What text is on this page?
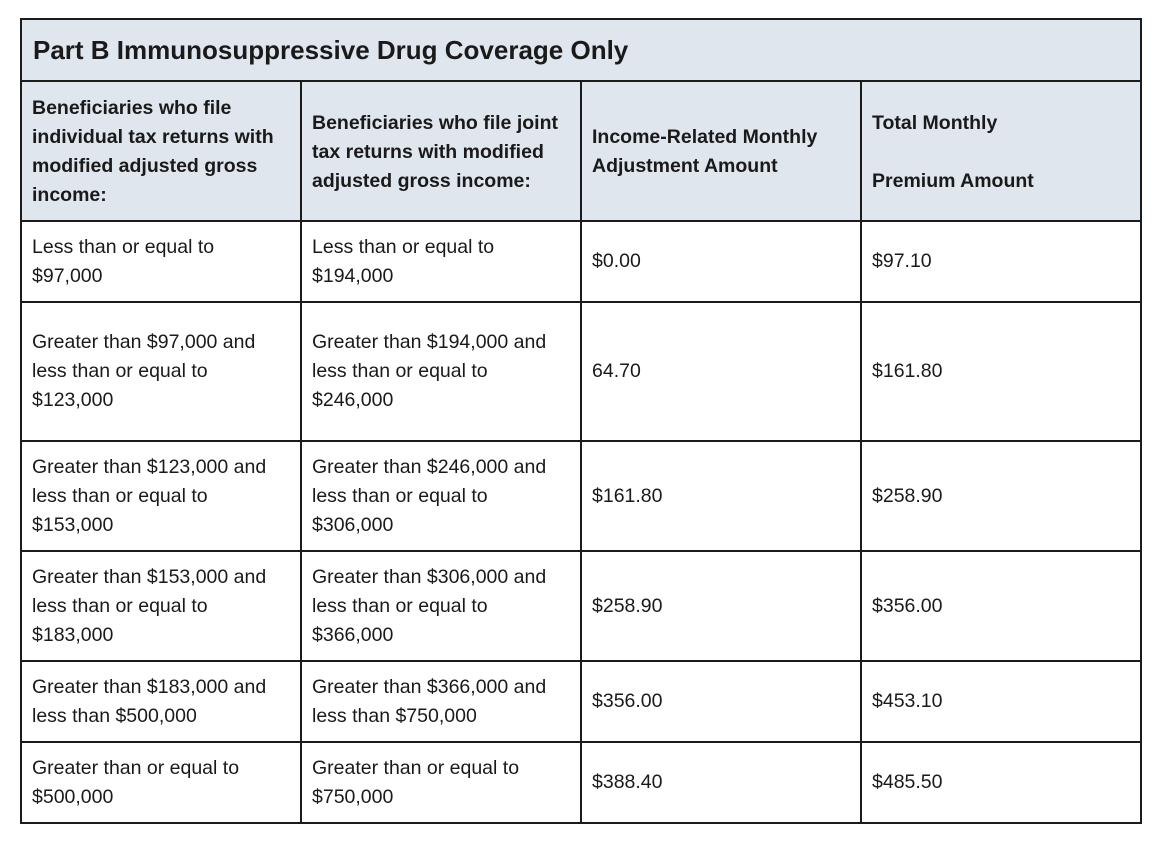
Part B Immunosuppressive Drug Coverage Only			
Beneficiaries who file individual tax returns with modified adjusted gross income:	Beneficiaries who file joint tax returns with modified adjusted gross income:	Income-Related Monthly Adjustment Amount	Total Monthly
Premium Amount
Less than or equal to $97,000	Less than or equal to $194,000	$0.00	$97.10
Greater than $97,000 and less than or equal to $123,000	Greater than $194,000 and less than or equal to $246,000	64.70	$161.80
Greater than $123,000 and less than or equal to $153,000	Greater than $246,000 and less than or equal to $306,000	$161.80	$258.90
Greater than $153,000 and less than or equal to $183,000	Greater than $306,000 and less than or equal to $366,000	$258.90	$356.00
Greater than $183,000 and less than $500,000	Greater than $366,000 and less than $750,000	$356.00	$453.10
Greater than or equal to $500,000	Greater than or equal to $750,000	$388.40	$485.50
